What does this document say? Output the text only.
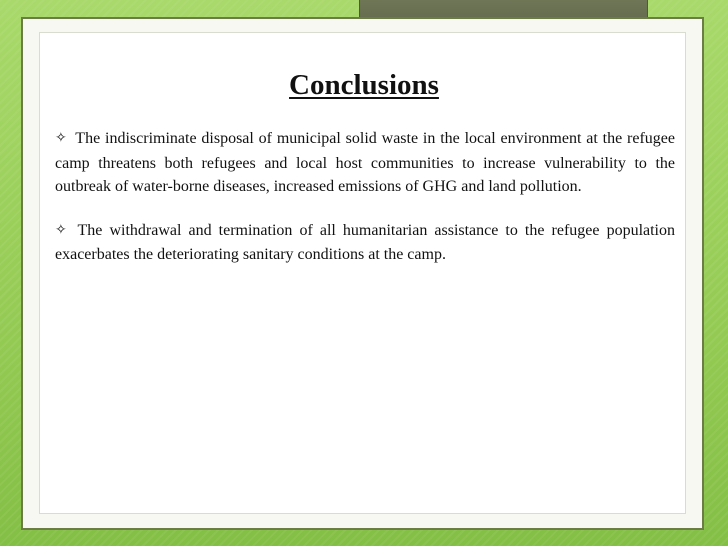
Conclusions

✧ The indiscriminate disposal of municipal solid waste in the local environment at the refugee camp threatens both refugees and local host communities to increase vulnerability to the outbreak of water-borne diseases, increased emissions of GHG and land pollution.

✧ The withdrawal and termination of all humanitarian assistance to the refugee population exacerbates the deteriorating sanitary conditions at the camp.
